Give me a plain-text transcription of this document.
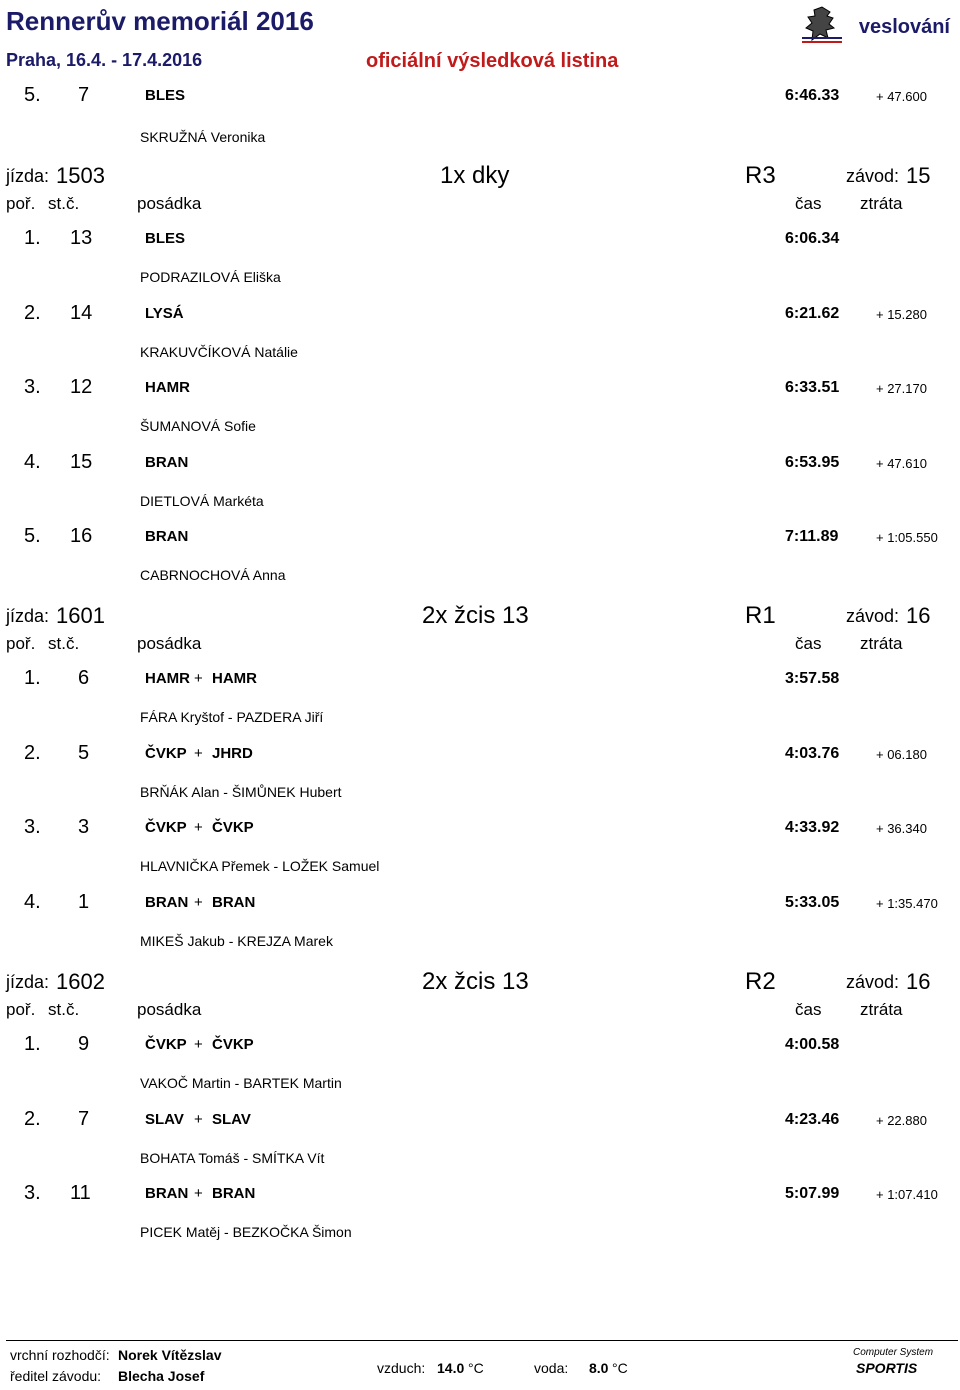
Rennerův memoriál 2016
Praha, 16.4. - 17.4.2016	oficiální výsledková listina
veslování
5. 7	BLES	6:46.33	+ 47.600
SKRUŽNÁ Veronika
jízda: 1503	1x dky	R3	závod: 15
poř. st.č.	posádka	čas ztráta
1. 13	BLES	6:06.34
PODRAZILOVÁ Eliška
2. 14	LYSÁ	6:21.62	+ 15.280
KRAKUVČÍKOVÁ Natálie
3. 12	HAMR	6:33.51	+ 27.170
ŠUMANOVÁ Sofie
4. 15	BRAN	6:53.95	+ 47.610
DIETLOVÁ Markéta
5. 16	BRAN	7:11.89	+ 1:05.550
CABRNOCHOVÁ Anna
jízda: 1601	2x žcis 13	R1	závod: 16
poř. st.č.	posádka	čas ztráta
1. 6	HAMR + HAMR	3:57.58
FÁRA Kryštof - PAZDERA Jiří
2. 5	ČVKP + JHRD	4:03.76	+ 06.180
BRŇÁK Alan - ŠIMŮNEK Hubert
3. 3	ČVKP + ČVKP	4:33.92	+ 36.340
HLAVNIČKA Přemek - LOŽEK Samuel
4. 1	BRAN + BRAN	5:33.05	+ 1:35.470
MIKEŠ Jakub - KREJZA Marek
jízda: 1602	2x žcis 13	R2	závod: 16
poř. st.č.	posádka	čas ztráta
1. 9	ČVKP + ČVKP	4:00.58
VAKOČ Martin - BARTEK Martin
2. 7	SLAV + SLAV	4:23.46	+ 22.880
BOHATA Tomáš - SMÍTKA Vít
3. 11	BRAN + BRAN	5:07.99	+ 1:07.410
PICEK Matěj - BEZKOČKA Šimon
vrchní rozhodčí: Norek Vítězslav
ředitel závodu: Blecha Josef	vzduch: 14.0 °C	voda: 8.0 °C
Computer System
SPORTIS
